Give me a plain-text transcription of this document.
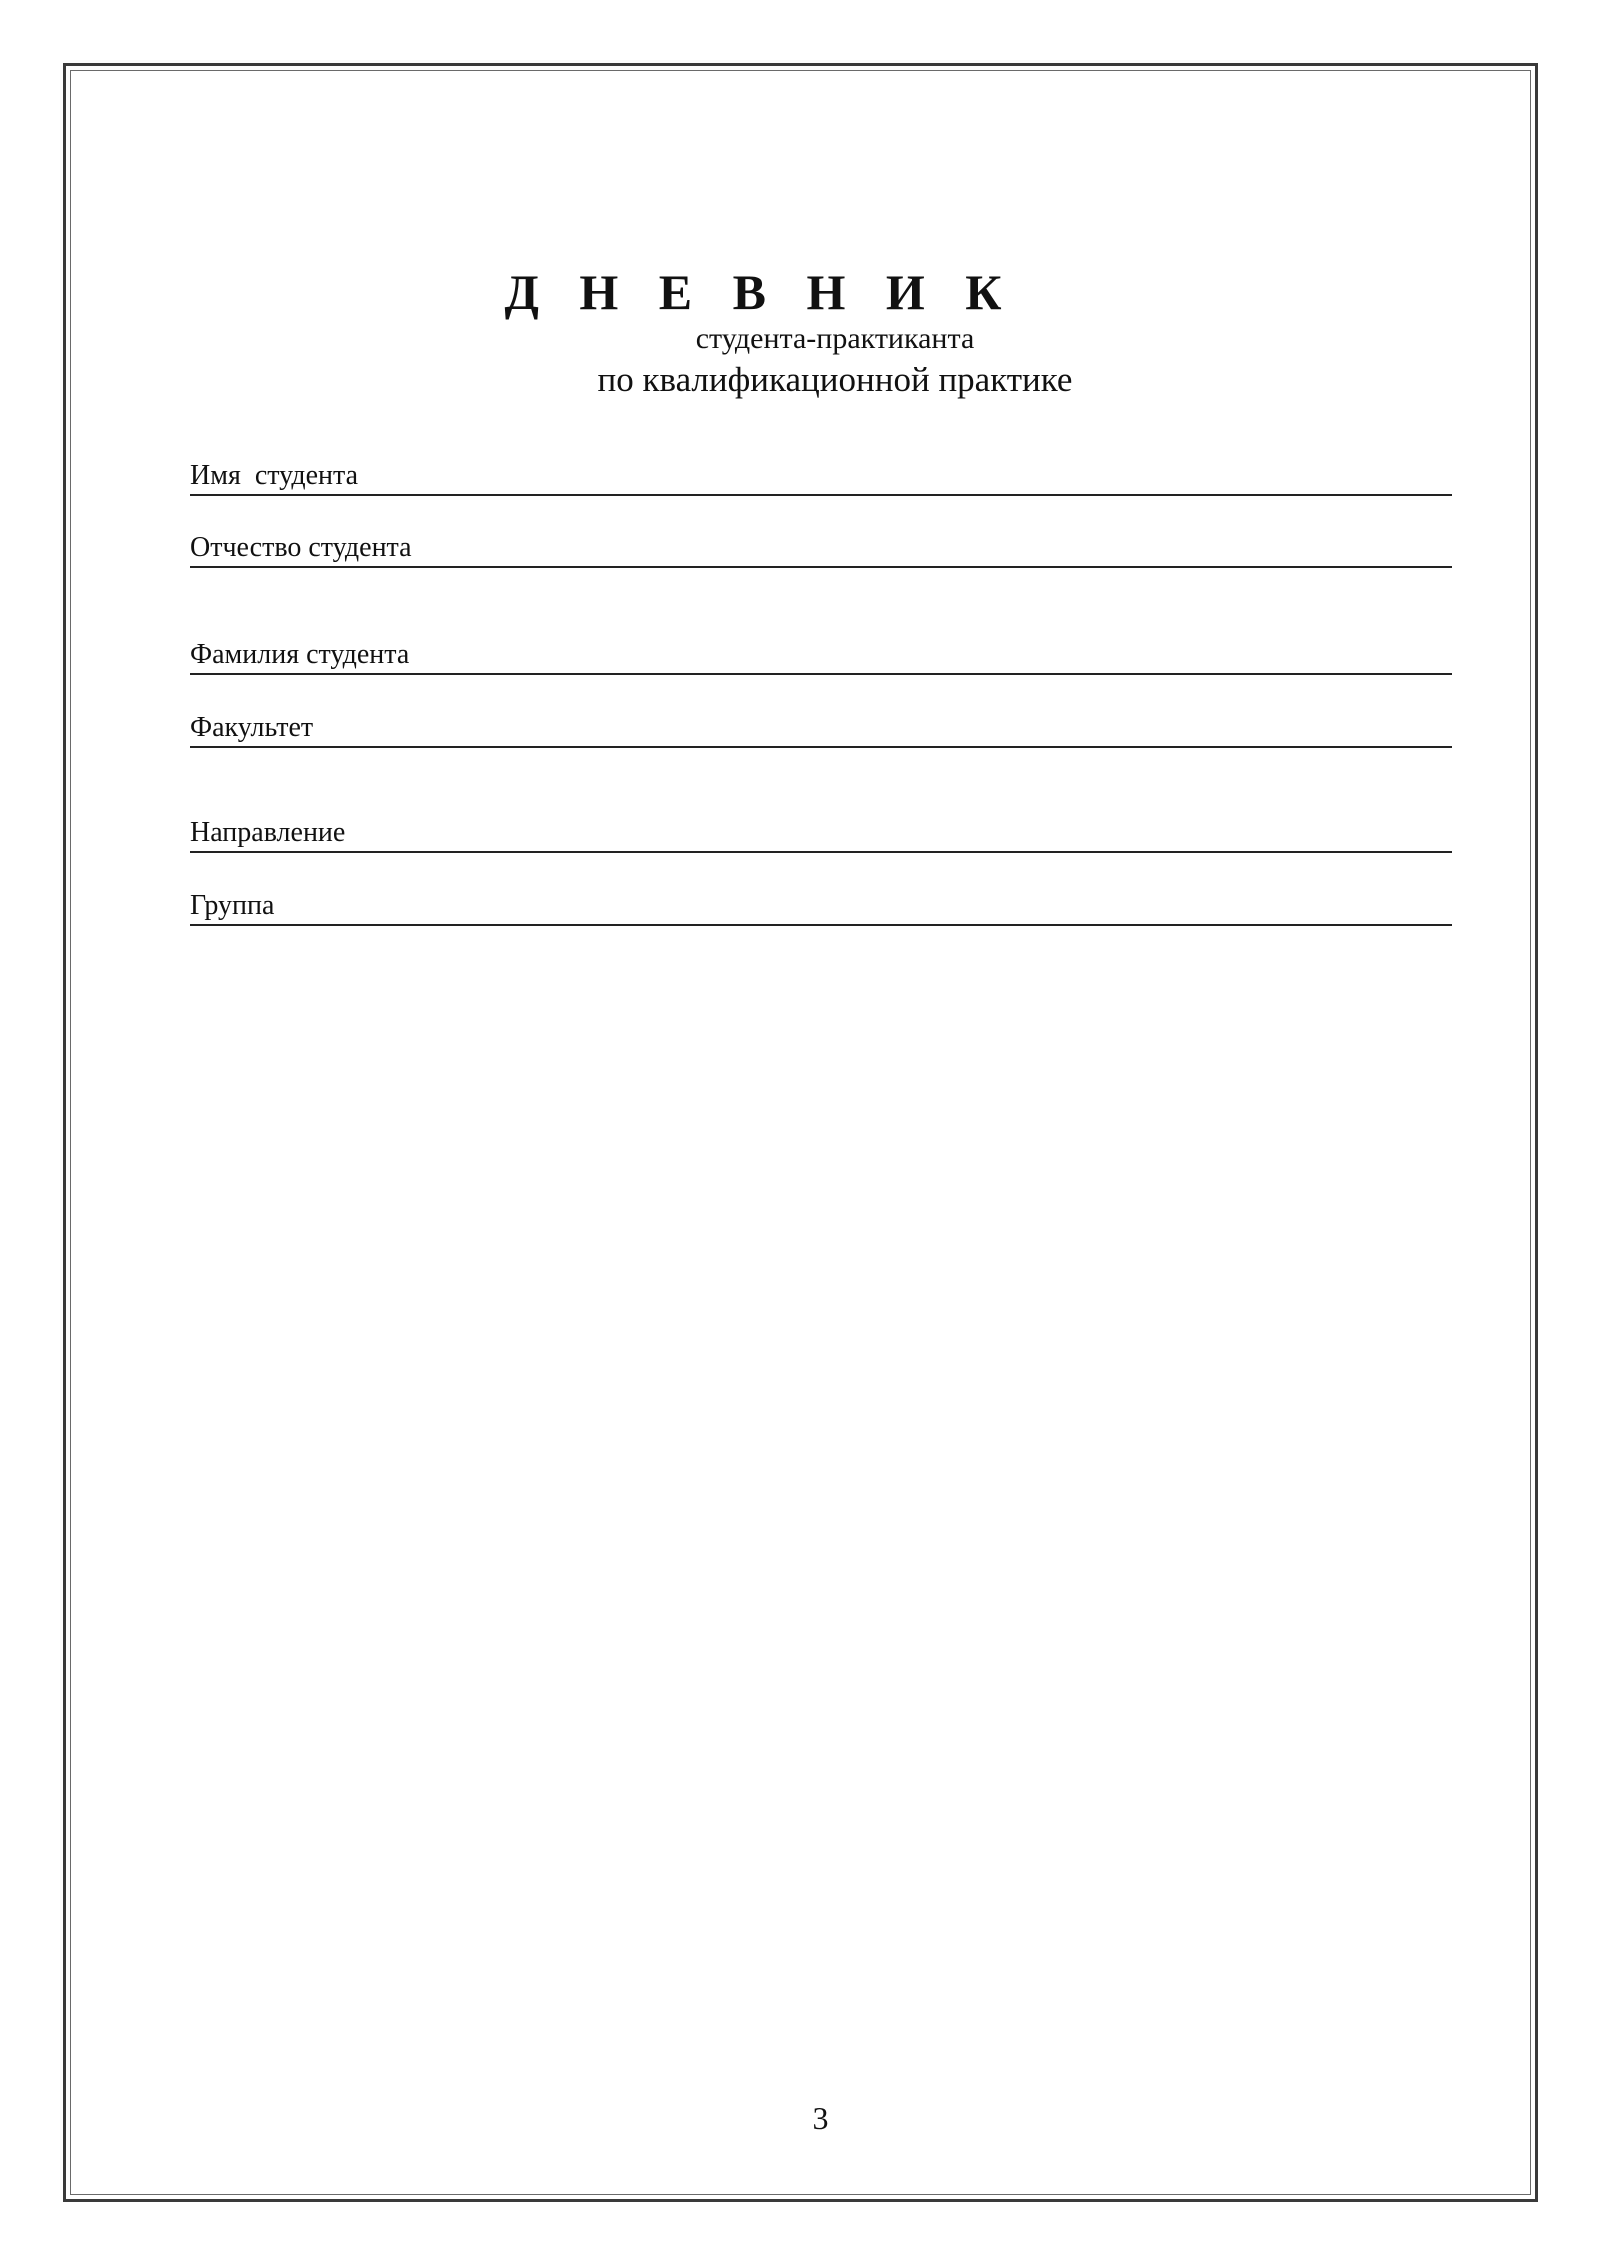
Д Н Е В Н И К
студента-практиканта
по квалификационной практике
Имя  студента
Отчество студента
Фамилия студента
Факультет
Направление
Группа
3
